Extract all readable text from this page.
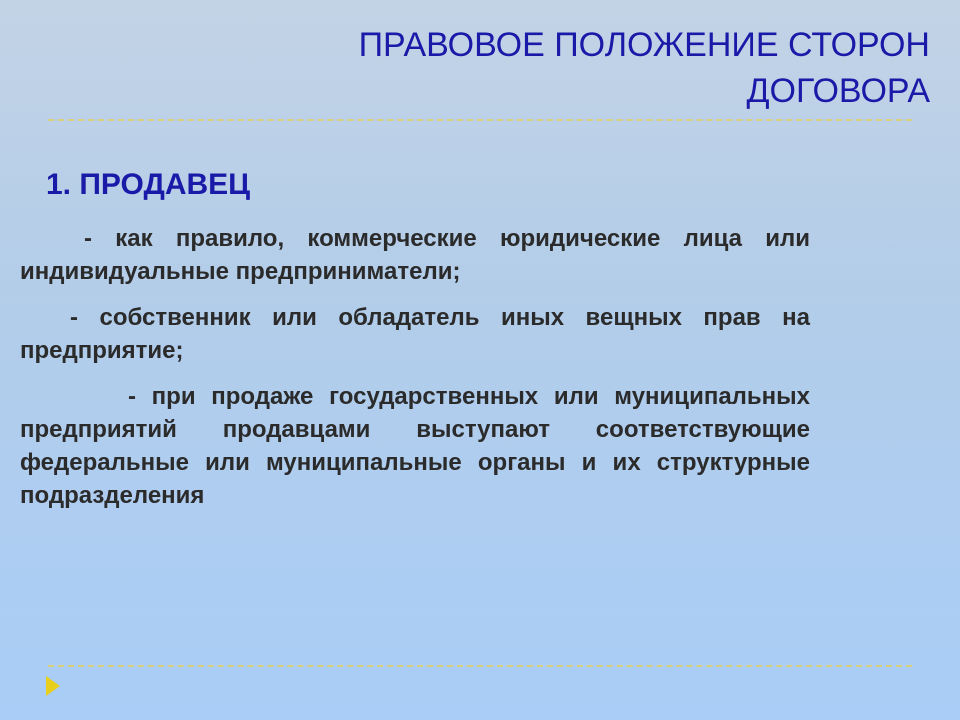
ПРАВОВОЕ ПОЛОЖЕНИЕ СТОРОН
ДОГОВОРА
1. ПРОДАВЕЦ

- как правило, коммерческие юридические лица или индивидуальные предприниматели;

- собственник или обладатель иных вещных прав на предприятие;

- при продаже государственных или муниципальных предприятий продавцами выступают соответствующие федеральные или муниципальные органы и их структурные подразделения
